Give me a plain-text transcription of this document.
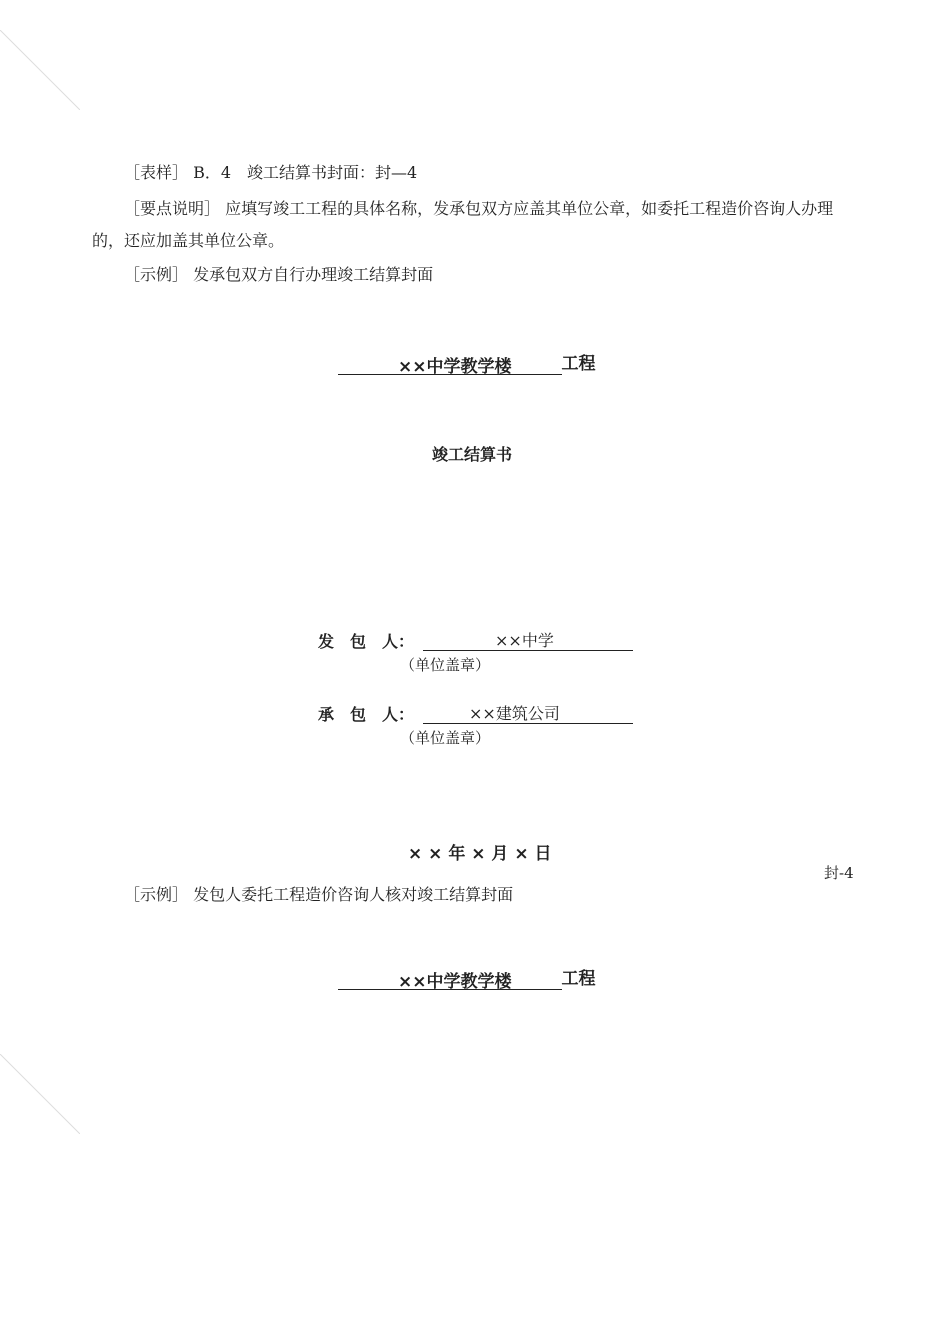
［表样］ B．4　竣工结算书封面：封—4
［要点说明］ 应填写竣工工程的具体名称，发承包双方应盖其单位公章，如委托工程造价咨询人办理的，还应加盖其单位公章。
［示例］ 发承包双方自行办理竣工结算封面
××中学教学楼	工程
竣工结算书
发　包　人：	××中学
（单位盖章）
承　包　人：	××建筑公司
（单位盖章）
× × 年 × 月 × 日
封-4
［示例］ 发包人委托工程造价咨询人核对竣工结算封面
××中学教学楼	工程
